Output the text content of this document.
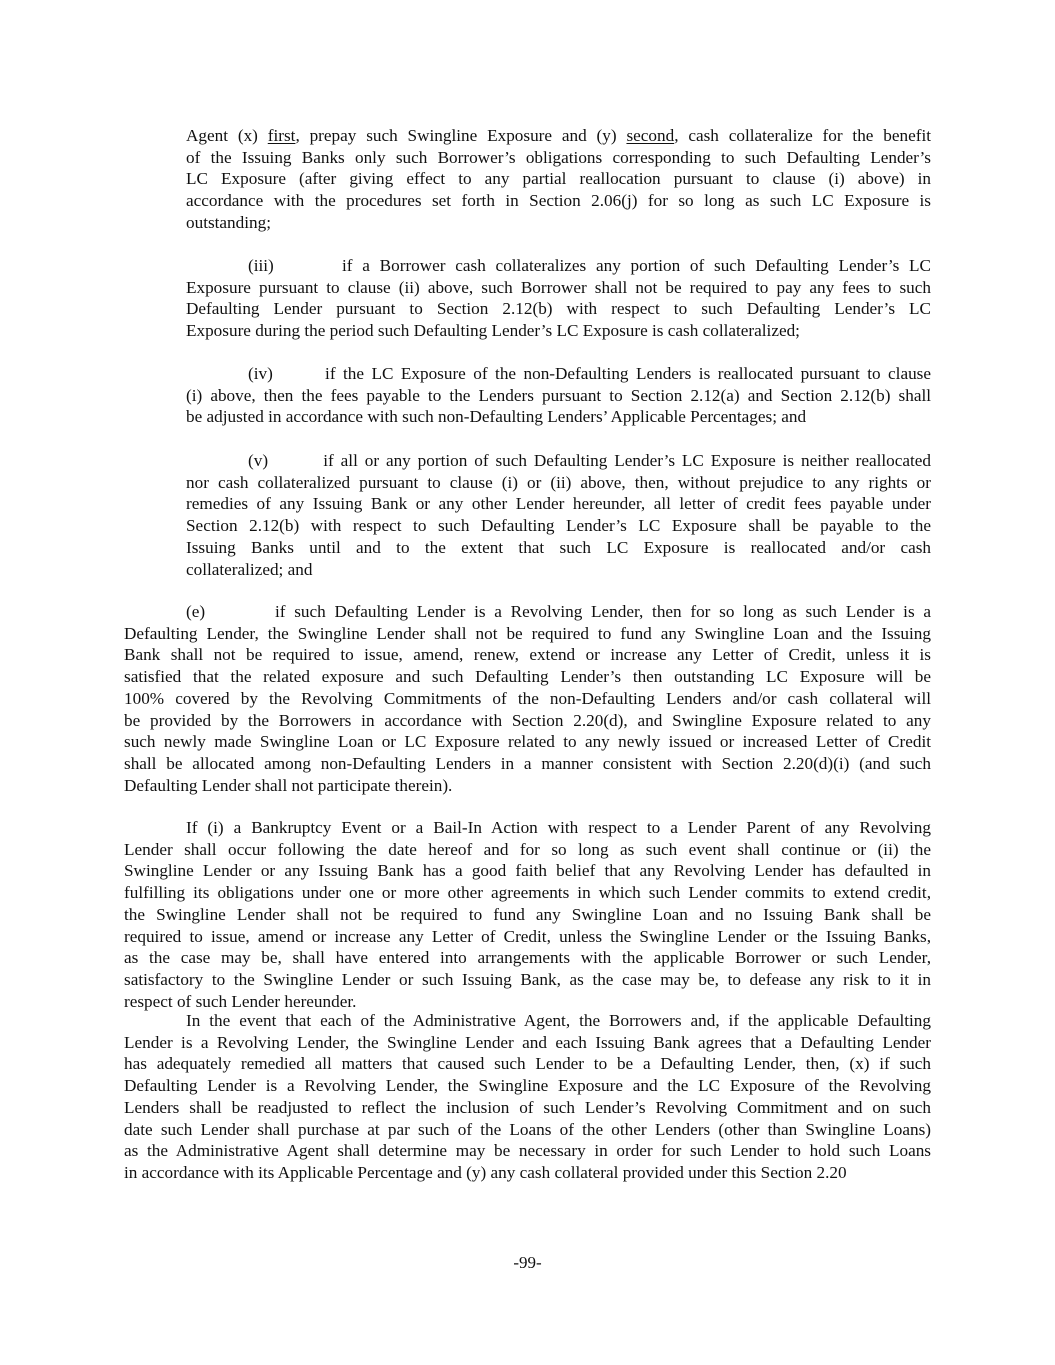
Agent (x) first, prepay such Swingline Exposure and (y) second, cash collateralize for the benefit
of the Issuing Banks only such Borrower’s obligations corresponding to such Defaulting Lender’s
LC Exposure (after giving effect to any partial reallocation pursuant to clause (i) above) in
accordance with the procedures set forth in Section 2.06(j) for so long as such LC Exposure is
outstanding;
(iii)       if a Borrower cash collateralizes any portion of such Defaulting Lender’s LC
Exposure pursuant to clause (ii) above, such Borrower shall not be required to pay any fees to such
Defaulting Lender pursuant to Section 2.12(b) with respect to such Defaulting Lender’s LC
Exposure during the period such Defaulting Lender’s LC Exposure is cash collateralized;
(iv)       if the LC Exposure of the non-Defaulting Lenders is reallocated pursuant to clause
(i) above, then the fees payable to the Lenders pursuant to Section 2.12(a) and Section 2.12(b) shall
be adjusted in accordance with such non-Defaulting Lenders’ Applicable Percentages; and
(v)        if all or any portion of such Defaulting Lender’s LC Exposure is neither reallocated
nor cash collateralized pursuant to clause (i) or (ii) above, then, without prejudice to any rights or
remedies of any Issuing Bank or any other Lender hereunder, all letter of credit fees payable under
Section 2.12(b) with respect to such Defaulting Lender’s LC Exposure shall be payable to the
Issuing Banks until and to the extent that such LC Exposure is reallocated and/or cash
collateralized; and
(e)        if such Defaulting Lender is a Revolving Lender, then for so long as such Lender is a
Defaulting Lender, the Swingline Lender shall not be required to fund any Swingline Loan and the Issuing
Bank shall not be required to issue, amend, renew, extend or increase any Letter of Credit, unless it is
satisfied that the related exposure and such Defaulting Lender’s then outstanding LC Exposure will be
100% covered by the Revolving Commitments of the non-Defaulting Lenders and/or cash collateral will
be provided by the Borrowers in accordance with Section 2.20(d), and Swingline Exposure related to any
such newly made Swingline Loan or LC Exposure related to any newly issued or increased Letter of Credit
shall be allocated among non-Defaulting Lenders in a manner consistent with Section 2.20(d)(i) (and such
Defaulting Lender shall not participate therein).
If (i) a Bankruptcy Event or a Bail-In Action with respect to a Lender Parent of any Revolving
Lender shall occur following the date hereof and for so long as such event shall continue or (ii) the
Swingline Lender or any Issuing Bank has a good faith belief that any Revolving Lender has defaulted in
fulfilling its obligations under one or more other agreements in which such Lender commits to extend credit,
the Swingline Lender shall not be required to fund any Swingline Loan and no Issuing Bank shall be
required to issue, amend or increase any Letter of Credit, unless the Swingline Lender or the Issuing Banks,
as the case may be, shall have entered into arrangements with the applicable Borrower or such Lender,
satisfactory to the Swingline Lender or such Issuing Bank, as the case may be, to defease any risk to it in
respect of such Lender hereunder.
In the event that each of the Administrative Agent, the Borrowers and, if the applicable Defaulting
Lender is a Revolving Lender, the Swingline Lender and each Issuing Bank agrees that a Defaulting Lender
has adequately remedied all matters that caused such Lender to be a Defaulting Lender, then, (x) if such
Defaulting Lender is a Revolving Lender, the Swingline Exposure and the LC Exposure of the Revolving
Lenders shall be readjusted to reflect the inclusion of such Lender’s Revolving Commitment and on such
date such Lender shall purchase at par such of the Loans of the other Lenders (other than Swingline Loans)
as the Administrative Agent shall determine may be necessary in order for such Lender to hold such Loans
in accordance with its Applicable Percentage and (y) any cash collateral provided under this Section 2.20
-99-
